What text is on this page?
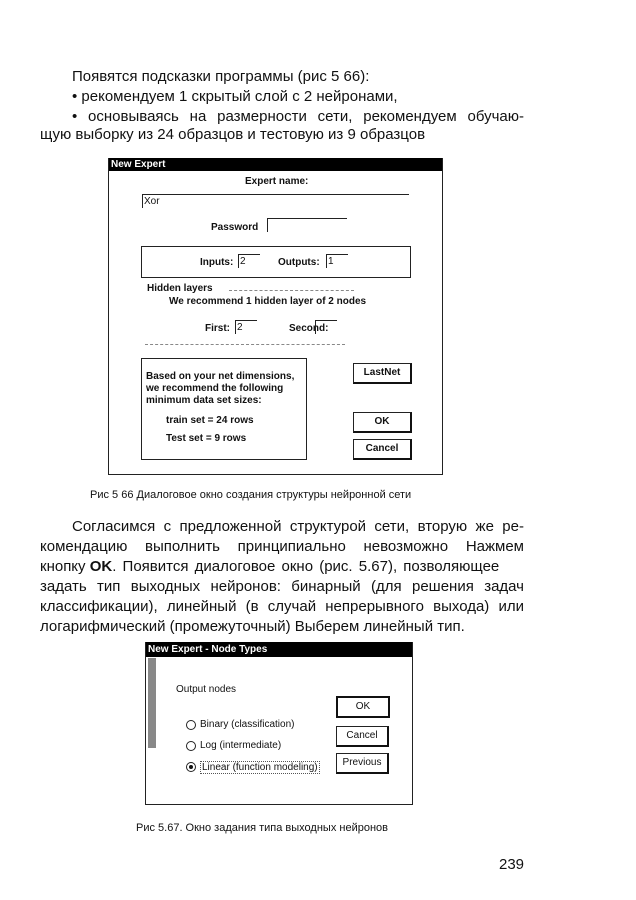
Появятся подсказки программы (рис 5 66):
• рекомендуем 1 скрытый слой с 2 нейронами,
• основываясь на размерности сети, рекомендуем обучаю-
щую выборку из 24 образцов и тестовую из 9 образцов
New Expert
Expert name:
Xor
Password
Inputs: 2	Outputs: 1
Hidden layers
We recommend 1 hidden layer of 2 nodes
First: 2	Second:
Based on your net dimensions,
we recommend the following
minimum data set sizes:
train set = 24 rows
Test set = 9 rows
LastNet
OK
Cancel
Рис 5 66 Диалоговое окно создания структуры нейронной сети
Согласимся с предложенной структурой сети, вторую же ре-
комендацию выполнить принципиально невозможно Нажмем
кнопку OK. Появится диалоговое окно (рис. 5.67), позволяющее
задать тип выходных нейронов: бинарный (для решения задач
классификации), линейный (в случай непрерывного выхода) или
логарифмический (промежуточный) Выберем линейный тип.
New Expert - Node Types
Output nodes
Binary (classification)
Log (intermediate)
Linear (function modeling)
OK
Cancel
Previous
Рис 5.67. Окно задания типа выходных нейронов
239
